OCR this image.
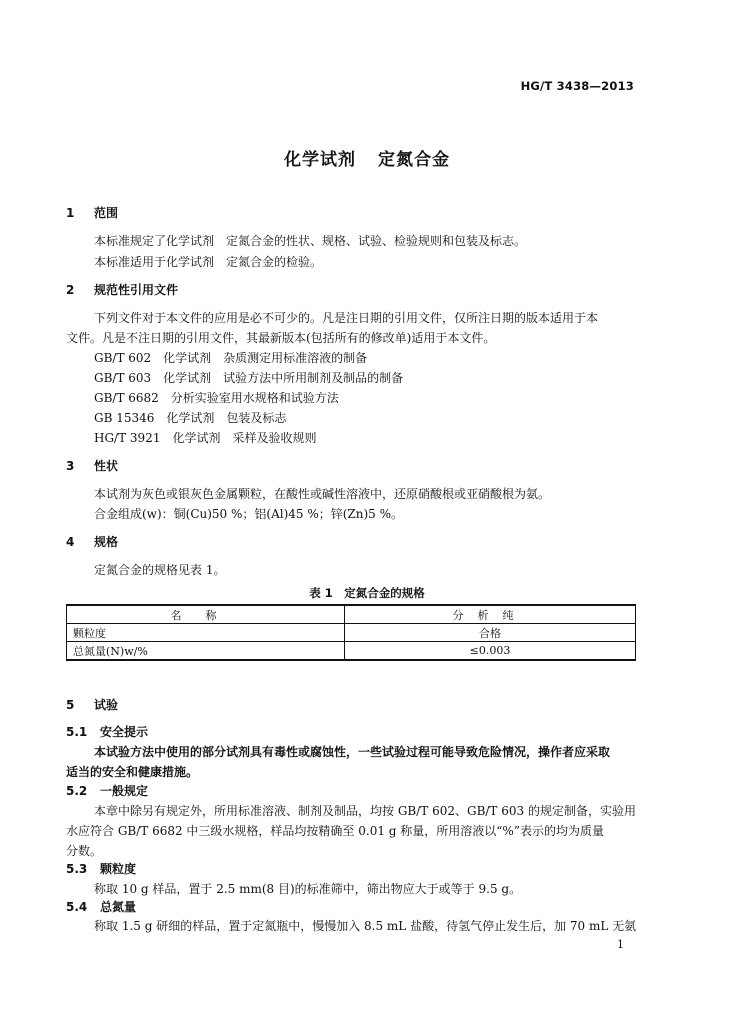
HG/T 3438—2013
化学试剂 定氮合金
1 范围
本标准规定了化学试剂　定氮合金的性状、规格、试验、检验规则和包装及标志。
本标准适用于化学试剂　定氮合金的检验。
2 规范性引用文件
下列文件对于本文件的应用是必不可少的。凡是注日期的引用文件，仅所注日期的版本适用于本
文件。凡是不注日期的引用文件，其最新版本(包括所有的修改单)适用于本文件。
GB/T 602　化学试剂　杂质测定用标准溶液的制备
GB/T 603　化学试剂　试验方法中所用制剂及制品的制备
GB/T 6682　分析实验室用水规格和试验方法
GB 15346　化学试剂　包装及标志
HG/T 3921　化学试剂　采样及验收规则
3 性状
本试剂为灰色或银灰色金属颗粒，在酸性或碱性溶液中，还原硝酸根或亚硝酸根为氨。
合金组成(w)：铜(Cu)50 %；铝(Al)45 %；锌(Zn)5 %。
4 规格
定氮合金的规格见表 1。
表 1　定氮合金的规格
名称	分析纯
颗粒度	合格
总氮量(N)w/%	≤0.003
5 试验
5.1 安全提示
本试验方法中使用的部分试剂具有毒性或腐蚀性，一些试验过程可能导致危险情况，操作者应采取
适当的安全和健康措施。
5.2 一般规定
本章中除另有规定外，所用标准溶液、制剂及制品，均按 GB/T 602、GB/T 603 的规定制备，实验用
水应符合 GB/T 6682 中三级水规格，样品均按精确至 0.01 g 称量，所用溶液以“%”表示的均为质量
分数。
5.3 颗粒度
称取 10 g 样品，置于 2.5 mm(8 目)的标准筛中，筛出物应大于或等于 9.5 g。
5.4 总氮量
称取 1.5 g 研细的样品，置于定氮瓶中，慢慢加入 8.5 mL 盐酸，待氢气停止发生后，加 70 mL 无氨
1
